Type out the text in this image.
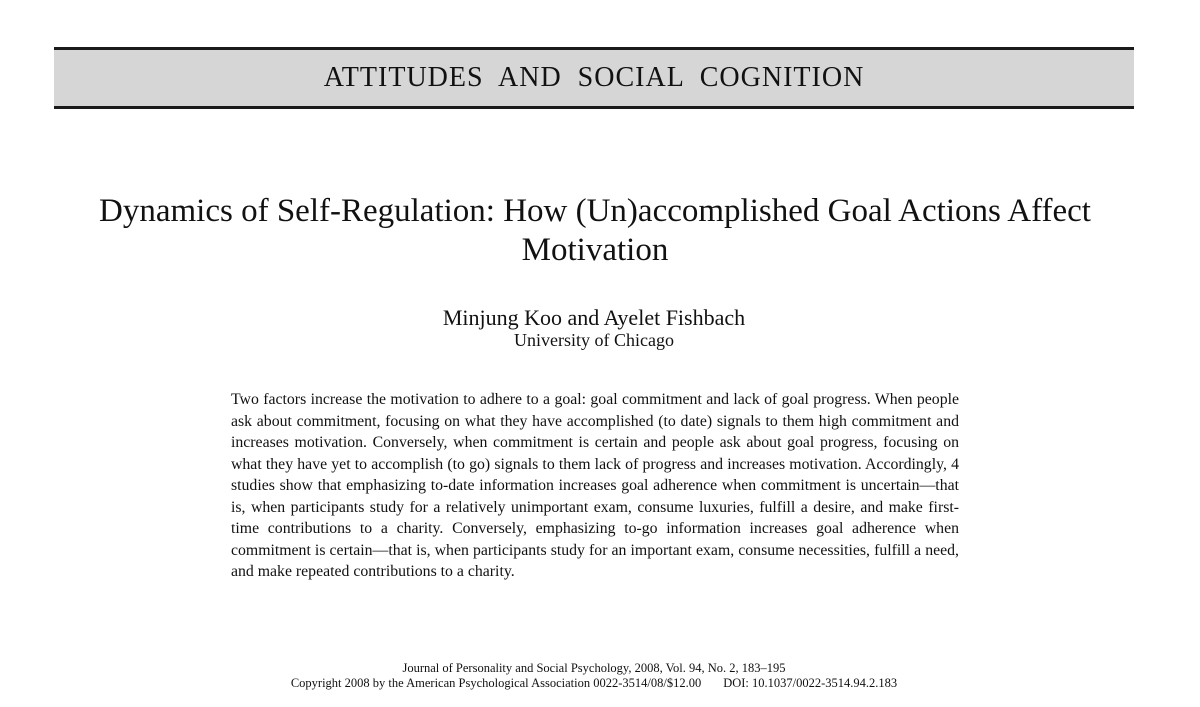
ATTITUDES AND SOCIAL COGNITION
Dynamics of Self-Regulation: How (Un)accomplished Goal Actions Affect Motivation
Minjung Koo and Ayelet Fishbach
University of Chicago

Two factors increase the motivation to adhere to a goal: goal commitment and lack of goal progress. When people ask about commitment, focusing on what they have accomplished (to date) signals to them high commitment and increases motivation. Conversely, when commitment is certain and people ask about goal progress, focusing on what they have yet to accomplish (to go) signals to them lack of progress and increases motivation. Accordingly, 4 studies show that emphasizing to-date information increases goal adherence when commitment is uncertain—that is, when participants study for a relatively unimportant exam, consume luxuries, fulfill a desire, and make first-time contributions to a charity. Conversely, emphasizing to-go information increases goal adherence when commitment is certain—that is, when participants study for an important exam, consume necessities, fulfill a need, and make repeated contributions to a charity.

Journal of Personality and Social Psychology, 2008, Vol. 94, No. 2, 183–195
Copyright 2008 by the American Psychological Association 0022-3514/08/$12.00 DOI: 10.1037/0022-3514.94.2.183
